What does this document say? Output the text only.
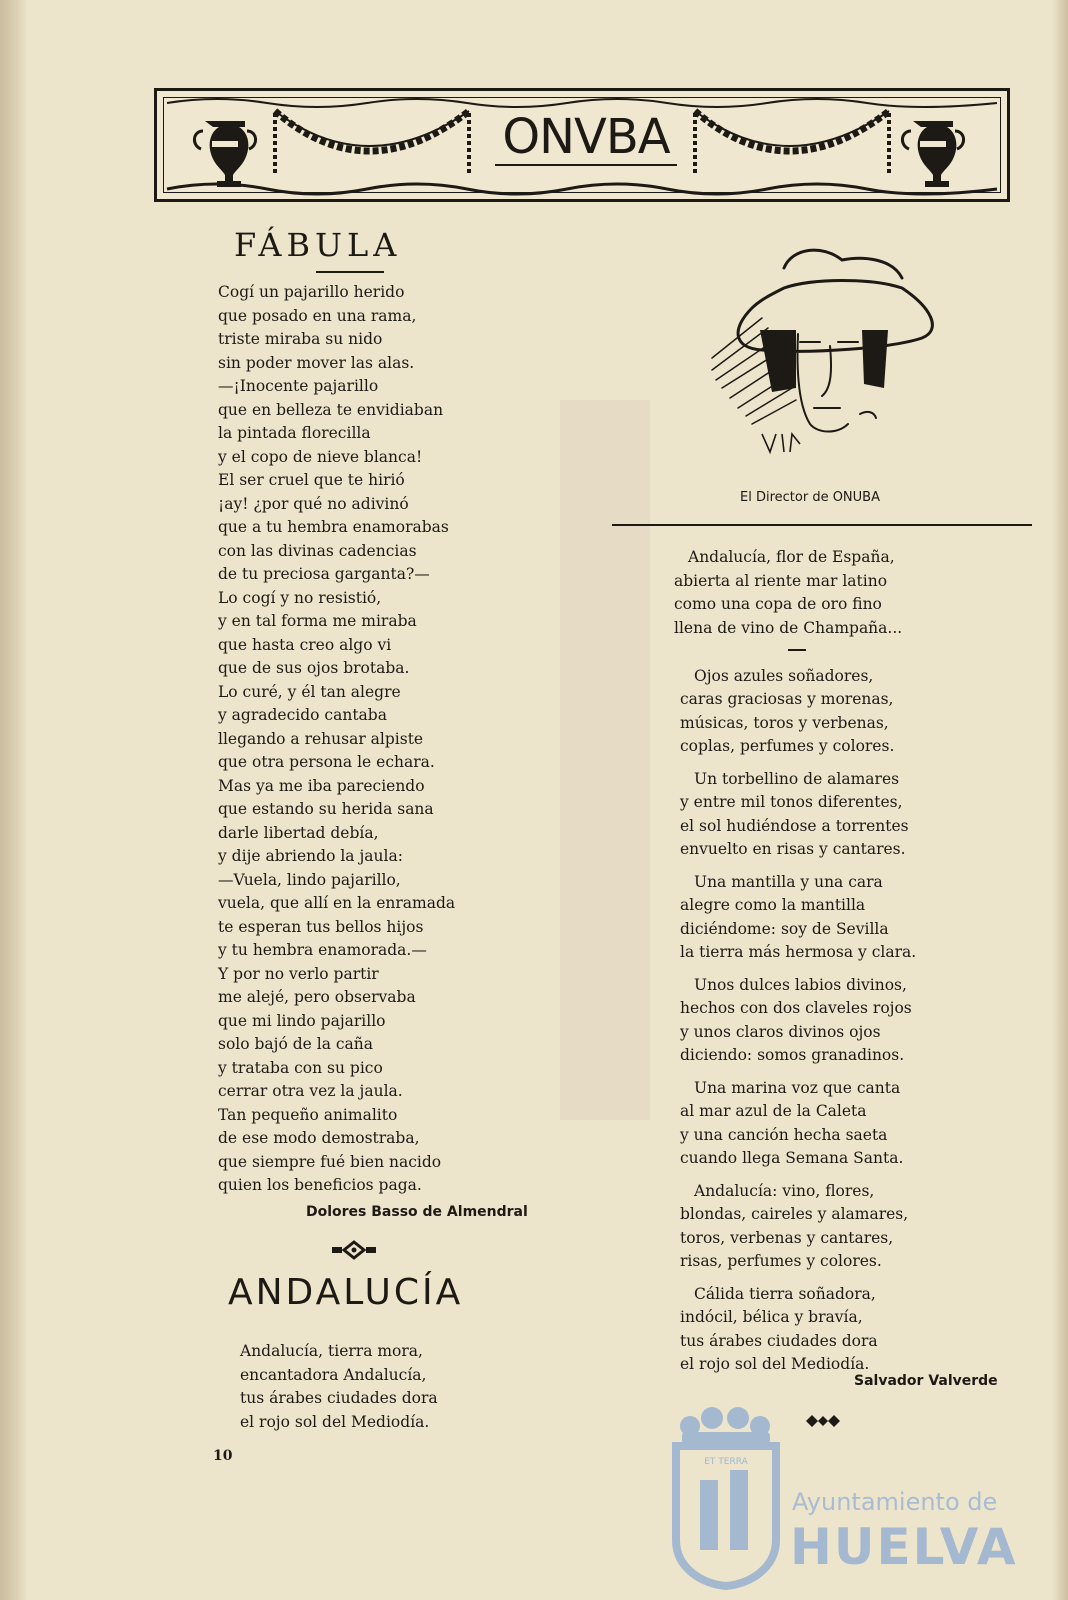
ONVBA
FÁBULA
Cogí un pajarillo herido
que posado en una rama,
triste miraba su nido
sin poder mover las alas.
—¡Inocente pajarillo
que en belleza te envidiaban
la pintada florecilla
y el copo de nieve blanca!
El ser cruel que te hirió
¡ay! ¿por qué no adivinó
que a tu hembra enamorabas
con las divinas cadencias
de tu preciosa garganta?—
Lo cogí y no resistió,
y en tal forma me miraba
que hasta creo algo vi
que de sus ojos brotaba.
Lo curé, y él tan alegre
y agradecido cantaba
llegando a rehusar alpiste
que otra persona le echara.
Mas ya me iba pareciendo
que estando su herida sana
darle libertad debía,
y dije abriendo la jaula:
—Vuela, lindo pajarillo,
vuela, que allí en la enramada
te esperan tus bellos hijos
y tu hembra enamorada.—
Y por no verlo partir
me alejé, pero observaba
que mi lindo pajarillo
solo bajó de la caña
y trataba con su pico
cerrar otra vez la jaula.
Tan pequeño animalito
de ese modo demostraba,
que siempre fué bien nacido
quien los beneficios paga.
Dolores Basso de Almendral
ANDALUCÍA
Andalucía, tierra mora,
encantadora Andalucía,
tus árabes ciudades dora
el rojo sol del Mediodía.
10
El Director de ONUBA
Andalucía, flor de España,
abierta al riente mar latino
como una copa de oro fino
llena de vino de Champaña...
Ojos azules soñadores,
caras graciosas y morenas,
músicas, toros y verbenas,
coplas, perfumes y colores.
Un torbellino de alamares
y entre mil tonos diferentes,
el sol hudiéndose a torrentes
envuelto en risas y cantares.
Una mantilla y una cara
alegre como la mantilla
diciéndome: soy de Sevilla
la tierra más hermosa y clara.
Unos dulces labios divinos,
hechos con dos claveles rojos
y unos claros divinos ojos
diciendo: somos granadinos.
Una marina voz que canta
al mar azul de la Caleta
y una canción hecha saeta
cuando llega Semana Santa.
Andalucía: vino, flores,
blondas, caireles y alamares,
toros, verbenas y cantares,
risas, perfumes y colores.
Cálida tierra soñadora,
indócil, bélica y bravía,
tus árabes ciudades dora
el rojo sol del Mediodía.
Salvador Valverde
ET TERRA
Ayuntamiento de
HUELVA
